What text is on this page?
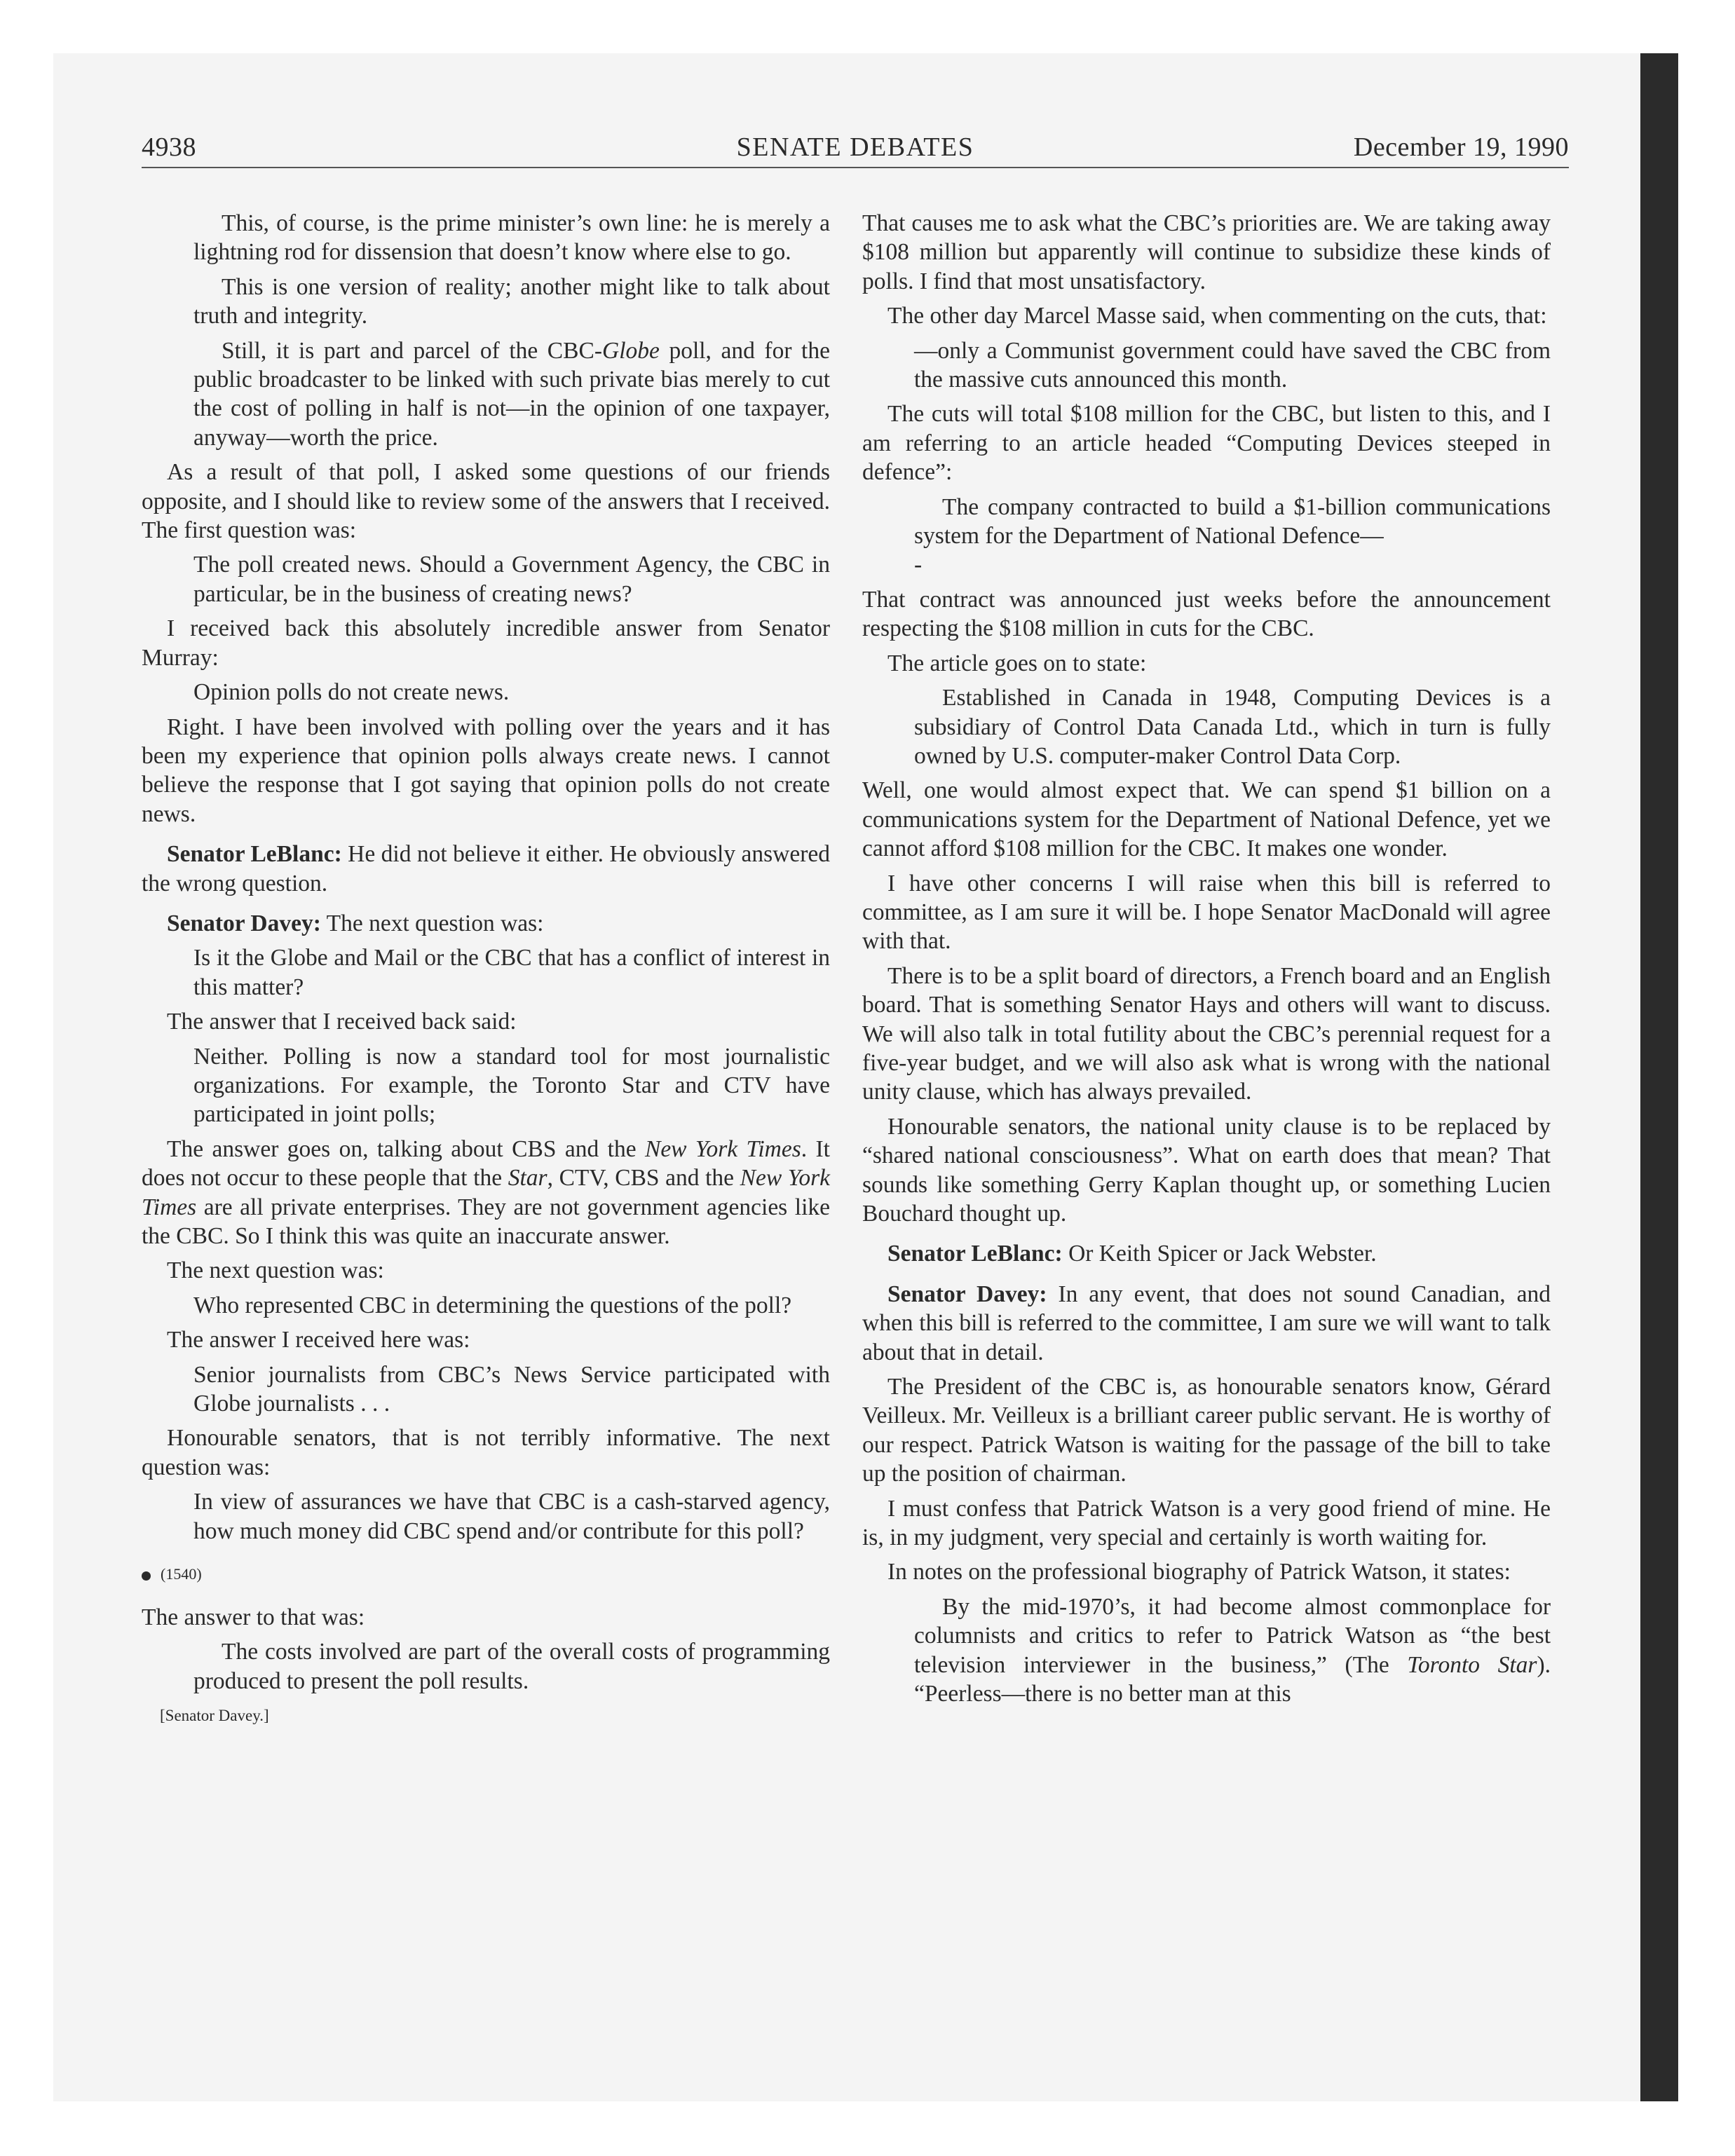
4938	SENATE DEBATES	December 19, 1990

This, of course, is the prime minister’s own line: he is merely a lightning rod for dissension that doesn’t know where else to go.

This is one version of reality; another might like to talk about truth and integrity.

Still, it is part and parcel of the CBC-Globe poll, and for the public broadcaster to be linked with such private bias merely to cut the cost of polling in half is not—in the opinion of one taxpayer, anyway—worth the price.

As a result of that poll, I asked some questions of our friends opposite, and I should like to review some of the answers that I received. The first question was:

The poll created news. Should a Government Agency, the CBC in particular, be in the business of creating news?

I received back this absolutely incredible answer from Senator Murray:

Opinion polls do not create news.

Right. I have been involved with polling over the years and it has been my experience that opinion polls always create news. I cannot believe the response that I got saying that opinion polls do not create news.

Senator LeBlanc: He did not believe it either. He obviously answered the wrong question.

Senator Davey: The next question was:

Is it the Globe and Mail or the CBC that has a conflict of interest in this matter?

The answer that I received back said:

Neither. Polling is now a standard tool for most journalistic organizations. For example, the Toronto Star and CTV have participated in joint polls;

The answer goes on, talking about CBS and the New York Times. It does not occur to these people that the Star, CTV, CBS and the New York Times are all private enterprises. They are not government agencies like the CBC. So I think this was quite an inaccurate answer.

The next question was:

Who represented CBC in determining the questions of the poll?

The answer I received here was:

Senior journalists from CBC’s News Service participated with Globe journalists . . .

Honourable senators, that is not terribly informative. The next question was:

In view of assurances we have that CBC is a cash-starved agency, how much money did CBC spend and/or contribute for this poll?

(1540)

The answer to that was:

The costs involved are part of the overall costs of programming produced to present the poll results.

[Senator Davey.]

That causes me to ask what the CBC’s priorities are. We are taking away $108 million but apparently will continue to subsidize these kinds of polls. I find that most unsatisfactory.

The other day Marcel Masse said, when commenting on the cuts, that:

—only a Communist government could have saved the CBC from the massive cuts announced this month.

The cuts will total $108 million for the CBC, but listen to this, and I am referring to an article headed “Computing Devices steeped in defence”:

The company contracted to build a $1-billion communications system for the Department of National Defence—

-

That contract was announced just weeks before the announcement respecting the $108 million in cuts for the CBC.

The article goes on to state:

Established in Canada in 1948, Computing Devices is a subsidiary of Control Data Canada Ltd., which in turn is fully owned by U.S. computer-maker Control Data Corp.

Well, one would almost expect that. We can spend $1 billion on a communications system for the Department of National Defence, yet we cannot afford $108 million for the CBC. It makes one wonder.

I have other concerns I will raise when this bill is referred to committee, as I am sure it will be. I hope Senator MacDonald will agree with that.

There is to be a split board of directors, a French board and an English board. That is something Senator Hays and others will want to discuss. We will also talk in total futility about the CBC’s perennial request for a five-year budget, and we will also ask what is wrong with the national unity clause, which has always prevailed.

Honourable senators, the national unity clause is to be replaced by “shared national consciousness”. What on earth does that mean? That sounds like something Gerry Kaplan thought up, or something Lucien Bouchard thought up.

Senator LeBlanc: Or Keith Spicer or Jack Webster.

Senator Davey: In any event, that does not sound Canadian, and when this bill is referred to the committee, I am sure we will want to talk about that in detail.

The President of the CBC is, as honourable senators know, Gérard Veilleux. Mr. Veilleux is a brilliant career public servant. He is worthy of our respect. Patrick Watson is waiting for the passage of the bill to take up the position of chairman.

I must confess that Patrick Watson is a very good friend of mine. He is, in my judgment, very special and certainly is worth waiting for.

In notes on the professional biography of Patrick Watson, it states:

By the mid-1970’s, it had become almost commonplace for columnists and critics to refer to Patrick Watson as “the best television interviewer in the business,” (The Toronto Star). “Peerless—there is no better man at this
